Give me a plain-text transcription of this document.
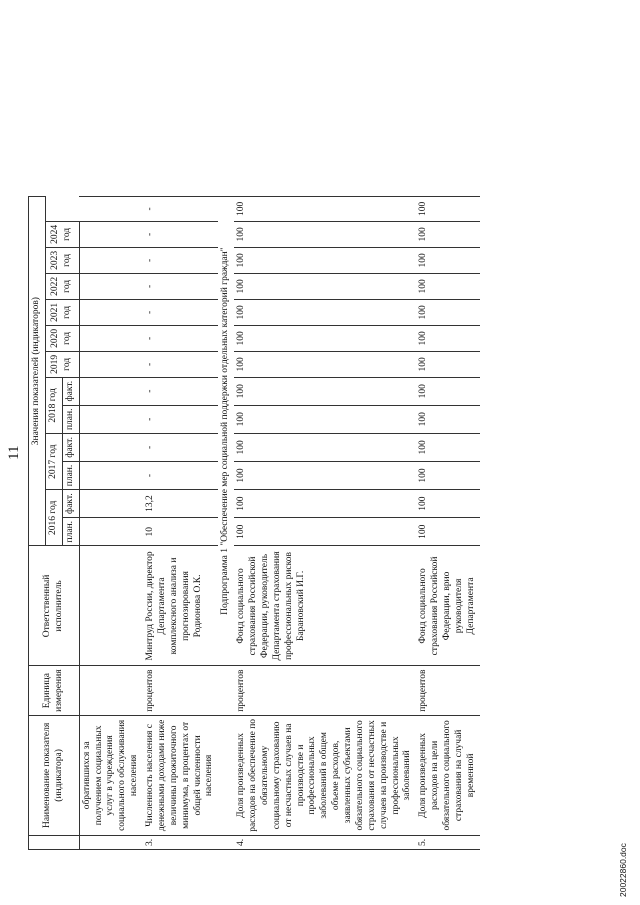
11
	Наименование показателя (индикатора)	Единица измерения	Ответственный исполнитель	Значения показателей (индикаторов)												
				2016 год		2017 год		2018 год		2019 год	2020 год	2021 год	2022 год	2023 год	2024 год
				план.	факт.	план.	факт.	план.	факт.							
	обратившихся за получением социальных услуг в учреждения социального обслуживания населения															
3.	Численность населения с денежными доходами ниже величины прожиточного минимума, в процентах от общей численности населения	процентов	Минтруд России, директор Департамента комплексного анализа и прогнозирования Родионова О.К.	10	13,2	-	-	-	-	-	-	-	-	-	-	-
			Подпрограмма 1 "Обеспечение мер социальной поддержки отдельных категорий граждан"													
4.	Доля произведенных расходов на обеспечение по обязательному социальному страхованию от несчастных случаев на производстве и профессиональных заболеваний в общем объеме расходов, заявленных субъектами обязательного социального страхования от несчастных случаев на производстве и профессиональных заболеваний	процентов	Фонд социального страхования Российской Федерации, руководитель Департамента страхования профессиональных рисков Барановский И.Г.	100	100	100	100	100	100	100	100	100	100	100	100	100
5.	Доля произведенных расходов на цели обязательного социального страхования на случай временной	процентов	Фонд социального страхования Российской Федерации, врио руководителя Департамента	100	100	100	100	100	100	100	100	100	100	100	100	100
20022860.doc
